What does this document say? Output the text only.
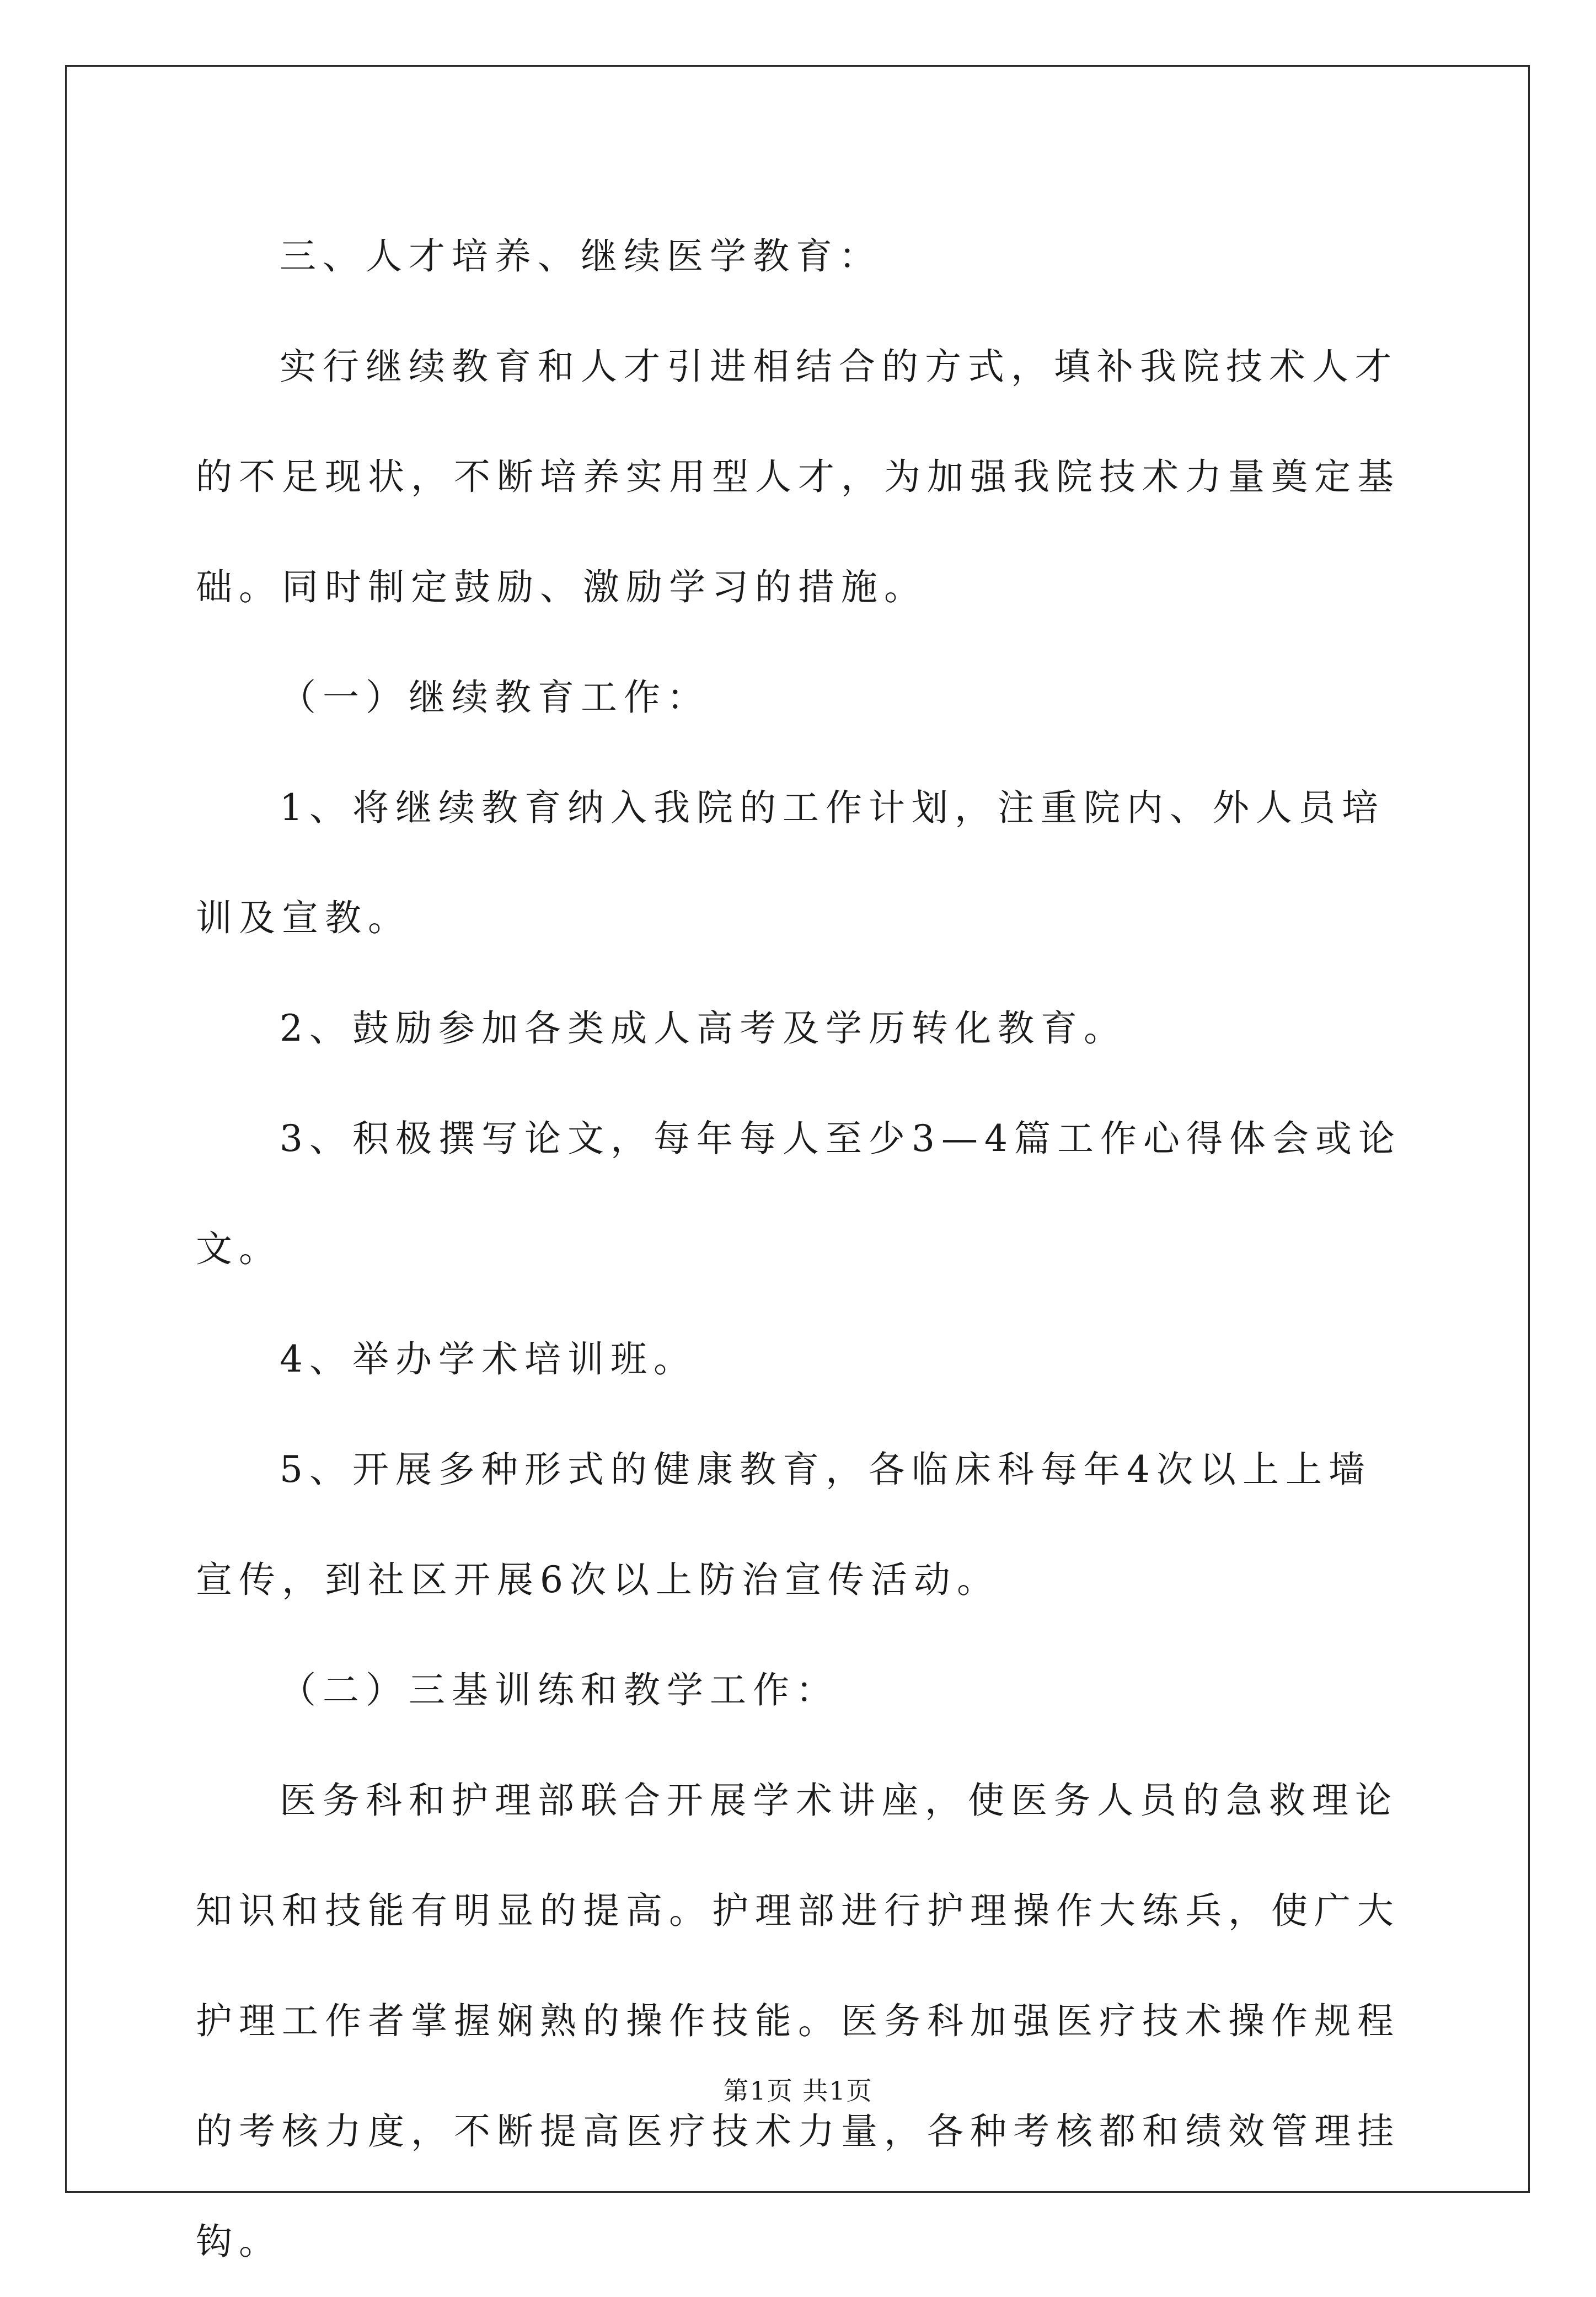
三、人才培养、继续医学教育：

实行继续教育和人才引进相结合的方式，填补我院技术人才的不足现状，不断培养实用型人才，为加强我院技术力量奠定基础。同时制定鼓励、激励学习的措施。

（一）继续教育工作：

1、将继续教育纳入我院的工作计划，注重院内、外人员培训及宣教。

2、鼓励参加各类成人高考及学历转化教育。

3、积极撰写论文，每年每人至少3—4篇工作心得体会或论文。

4、举办学术培训班。

5、开展多种形式的健康教育，各临床科每年4次以上上墙宣传，到社区开展6次以上防治宣传活动。

（二）三基训练和教学工作：

医务科和护理部联合开展学术讲座，使医务人员的急救理论知识和技能有明显的提高。护理部进行护理操作大练兵，使广大护理工作者掌握娴熟的操作技能。医务科加强医疗技术操作规程的考核力度，不断提高医疗技术力量，各种考核都和绩效管理挂钩。

第1页 共1页
